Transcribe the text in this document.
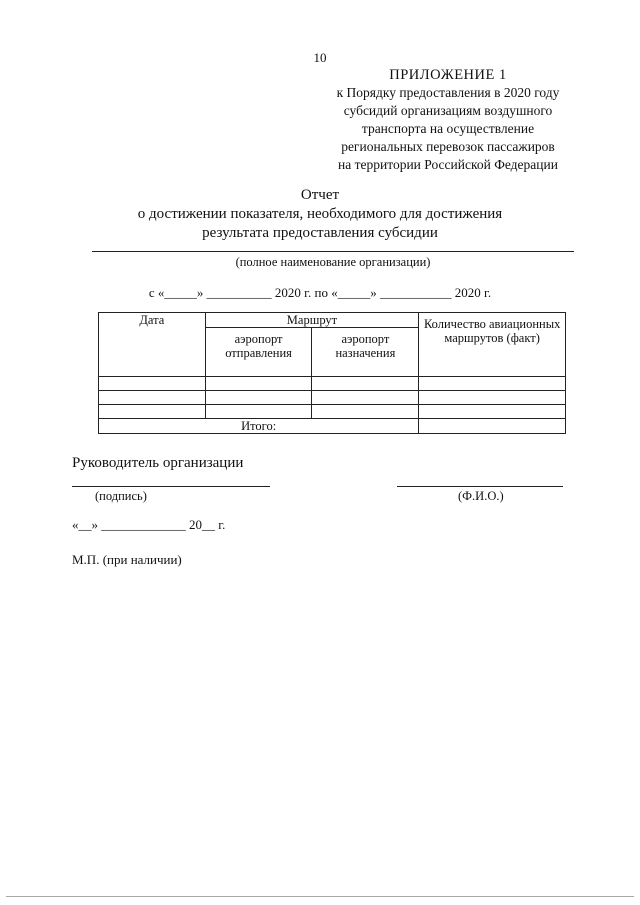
10
ПРИЛОЖЕНИЕ 1
к Порядку предоставления в 2020 году
субсидий организациям воздушного
транспорта на осуществление
региональных перевозок пассажиров
на территории Российской Федерации
Отчет
о достижении показателя, необходимого для достижения
результата предоставления субсидии
(полное наименование организации)
с «_____» __________ 2020 г. по «_____» ___________ 2020 г.
Дата	Маршрут		Количество авиационных маршрутов (факт)
	аэропорт отправления	аэропорт назначения	

Итого:			
Руководитель организации
(подпись)	(Ф.И.О.)
«__» _____________ 20__ г.
М.П. (при наличии)
